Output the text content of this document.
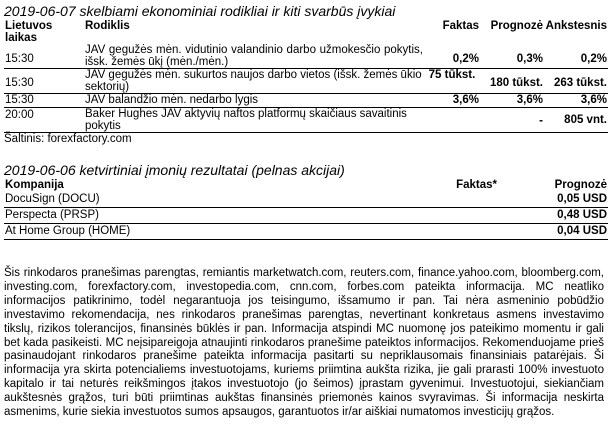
2019-06-07 skelbiami ekonominiai rodikliai ir kiti svarbūs įvykiai
Lietuvos laikas	Rodiklis	Faktas	Prognozė	Ankstesnis
15:30	JAV gegužės mėn. vidutinio valandinio darbo užmokesčio pokytis, išsk. žemės ūkį (mėn./mėn.)	0,2%	0,3%	0,2%
15:30	JAV gegužės mėn. sukurtos naujos darbo vietos (išsk. žemės ūkio sektorių)	75 tūkst.	180 tūkst.	263 tūkst.
15:30	JAV balandžio mėn. nedarbo lygis	3,6%	3,6%	3,6%
20:00	Baker Hughes JAV aktyvių naftos platformų skaičiaus savaitinis pokytis		-	805 vnt.
Šaltinis: forexfactory.com
2019-06-06 ketvirtiniai įmonių rezultatai (pelnas akcijai)
Kompanija	Faktas*	Prognozė
DocuSign (DOCU)		0,05 USD
Perspecta (PRSP)		0,48 USD
At Home Group (HOME)		0,04 USD
Šis rinkodaros pranešimas parengtas, remiantis marketwatch.com, reuters.com, finance.yahoo.com, bloomberg.com, investing.com, forexfactory.com, investopedia.com, cnn.com, forbes.com pateikta informacija. MC neatliko informacijos patikrinimo, todėl negarantuoja jos teisingumo, išsamumo ir pan. Tai nėra asmeninio pobūdžio investavimo rekomendacija, nes rinkodaros pranešimas parengtas, nevertinant konkretaus asmens investavimo tikslų, rizikos tolerancijos, finansinės būklės ir pan. Informacija atspindi MC nuomonę jos pateikimo momentu ir gali bet kada pasikeisti. MC neįsipareigoja atnaujinti rinkodaros pranešime pateiktos informacijos. Rekomenduojame prieš pasinaudojant rinkodaros pranešime pateikta informacija pasitarti su nepriklausomais finansiniais patarėjais. Ši informacija yra skirta potencialiems investuotojams, kuriems priimtina aukšta rizika, jie gali prarasti 100% investuoto kapitalo ir tai neturės reikšmingos įtakos investuotojo (jo šeimos) įprastam gyvenimui. Investuotojui, siekiančiam aukštesnės grąžos, turi būti priimtinas aukštas finansinės priemonės kainos svyravimas. Ši informacija neskirta asmenims, kurie siekia investuotos sumos apsaugos, garantuotos ir/ar aiškiai numatomos investicijų grąžos.
